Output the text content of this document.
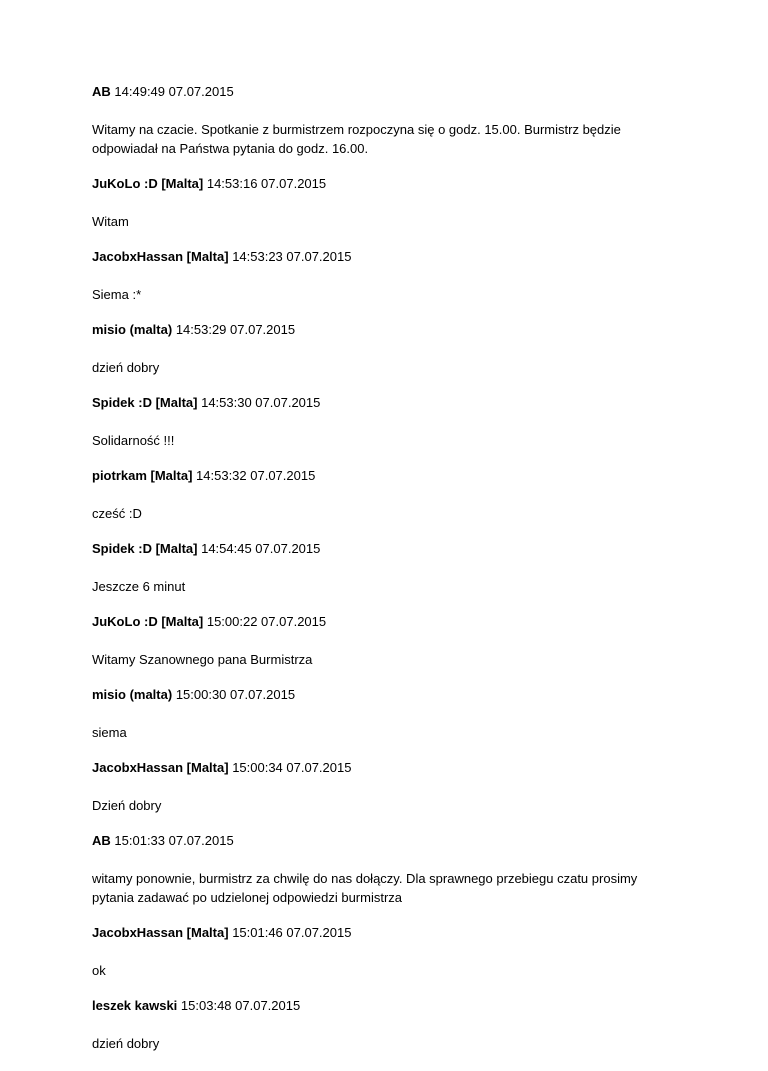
AB 14:49:49 07.07.2015

Witamy na czacie. Spotkanie z burmistrzem rozpoczyna się o godz. 15.00. Burmistrz będzie odpowiadał na Państwa pytania do godz. 16.00.

JuKoLo :D [Malta] 14:53:16 07.07.2015

Witam

JacobxHassan [Malta] 14:53:23 07.07.2015

Siema :*

misio (malta) 14:53:29 07.07.2015

dzień dobry

Spidek :D [Malta] 14:53:30 07.07.2015

Solidarność !!!

piotrkam [Malta] 14:53:32 07.07.2015

cześć :D

Spidek :D [Malta] 14:54:45 07.07.2015

Jeszcze 6 minut

JuKoLo :D [Malta] 15:00:22 07.07.2015

Witamy Szanownego pana Burmistrza

misio (malta) 15:00:30 07.07.2015

siema

JacobxHassan [Malta] 15:00:34 07.07.2015

Dzień dobry

AB 15:01:33 07.07.2015

witamy ponownie, burmistrz za chwilę do nas dołączy. Dla sprawnego przebiegu czatu prosimy pytania zadawać po udzielonej odpowiedzi burmistrza

JacobxHassan [Malta] 15:01:46 07.07.2015

ok

leszek kawski 15:03:48 07.07.2015

dzień dobry
